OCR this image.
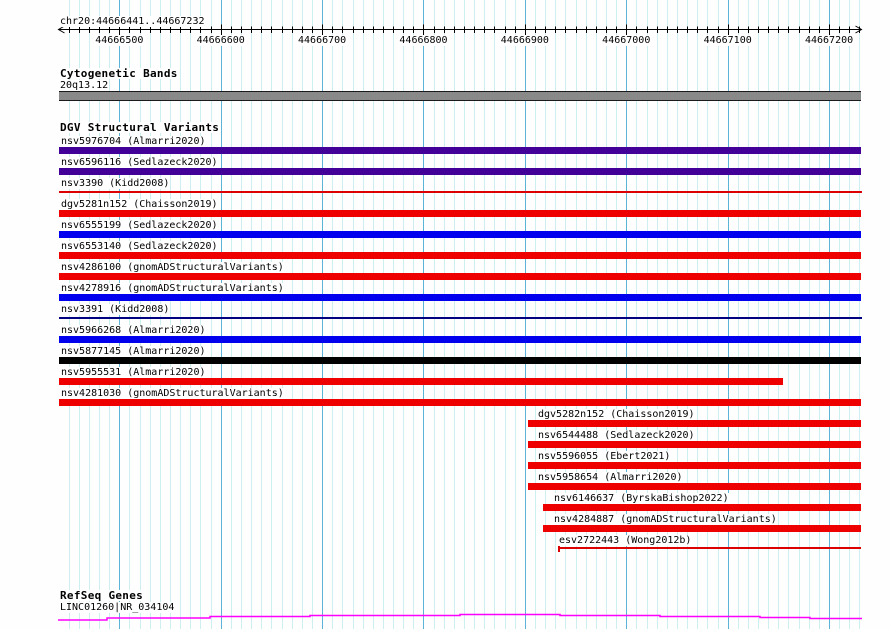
chr20:44666441..44667232
44666500	44666600	44666700	44666800	44666900	44667000	44667100	44667200
Cytogenetic Bands
20q13.12
DGV Structural Variants
nsv5976704 (Almarri2020)
nsv6596116 (Sedlazeck2020)
nsv3390 (Kidd2008)
dgv5281n152 (Chaisson2019)
nsv6555199 (Sedlazeck2020)
nsv6553140 (Sedlazeck2020)
nsv4286100 (gnomADStructuralVariants)
nsv4278916 (gnomADStructuralVariants)
nsv3391 (Kidd2008)
nsv5966268 (Almarri2020)
nsv5877145 (Almarri2020)
nsv5955531 (Almarri2020)
nsv4281030 (gnomADStructuralVariants)
dgv5282n152 (Chaisson2019)
nsv6544488 (Sedlazeck2020)
nsv5596055 (Ebert2021)
nsv5958654 (Almarri2020)
nsv6146637 (ByrskaBishop2022)
nsv4284887 (gnomADStructuralVariants)
esv2722443 (Wong2012b)
RefSeq Genes
LINC01260|NR_034104
